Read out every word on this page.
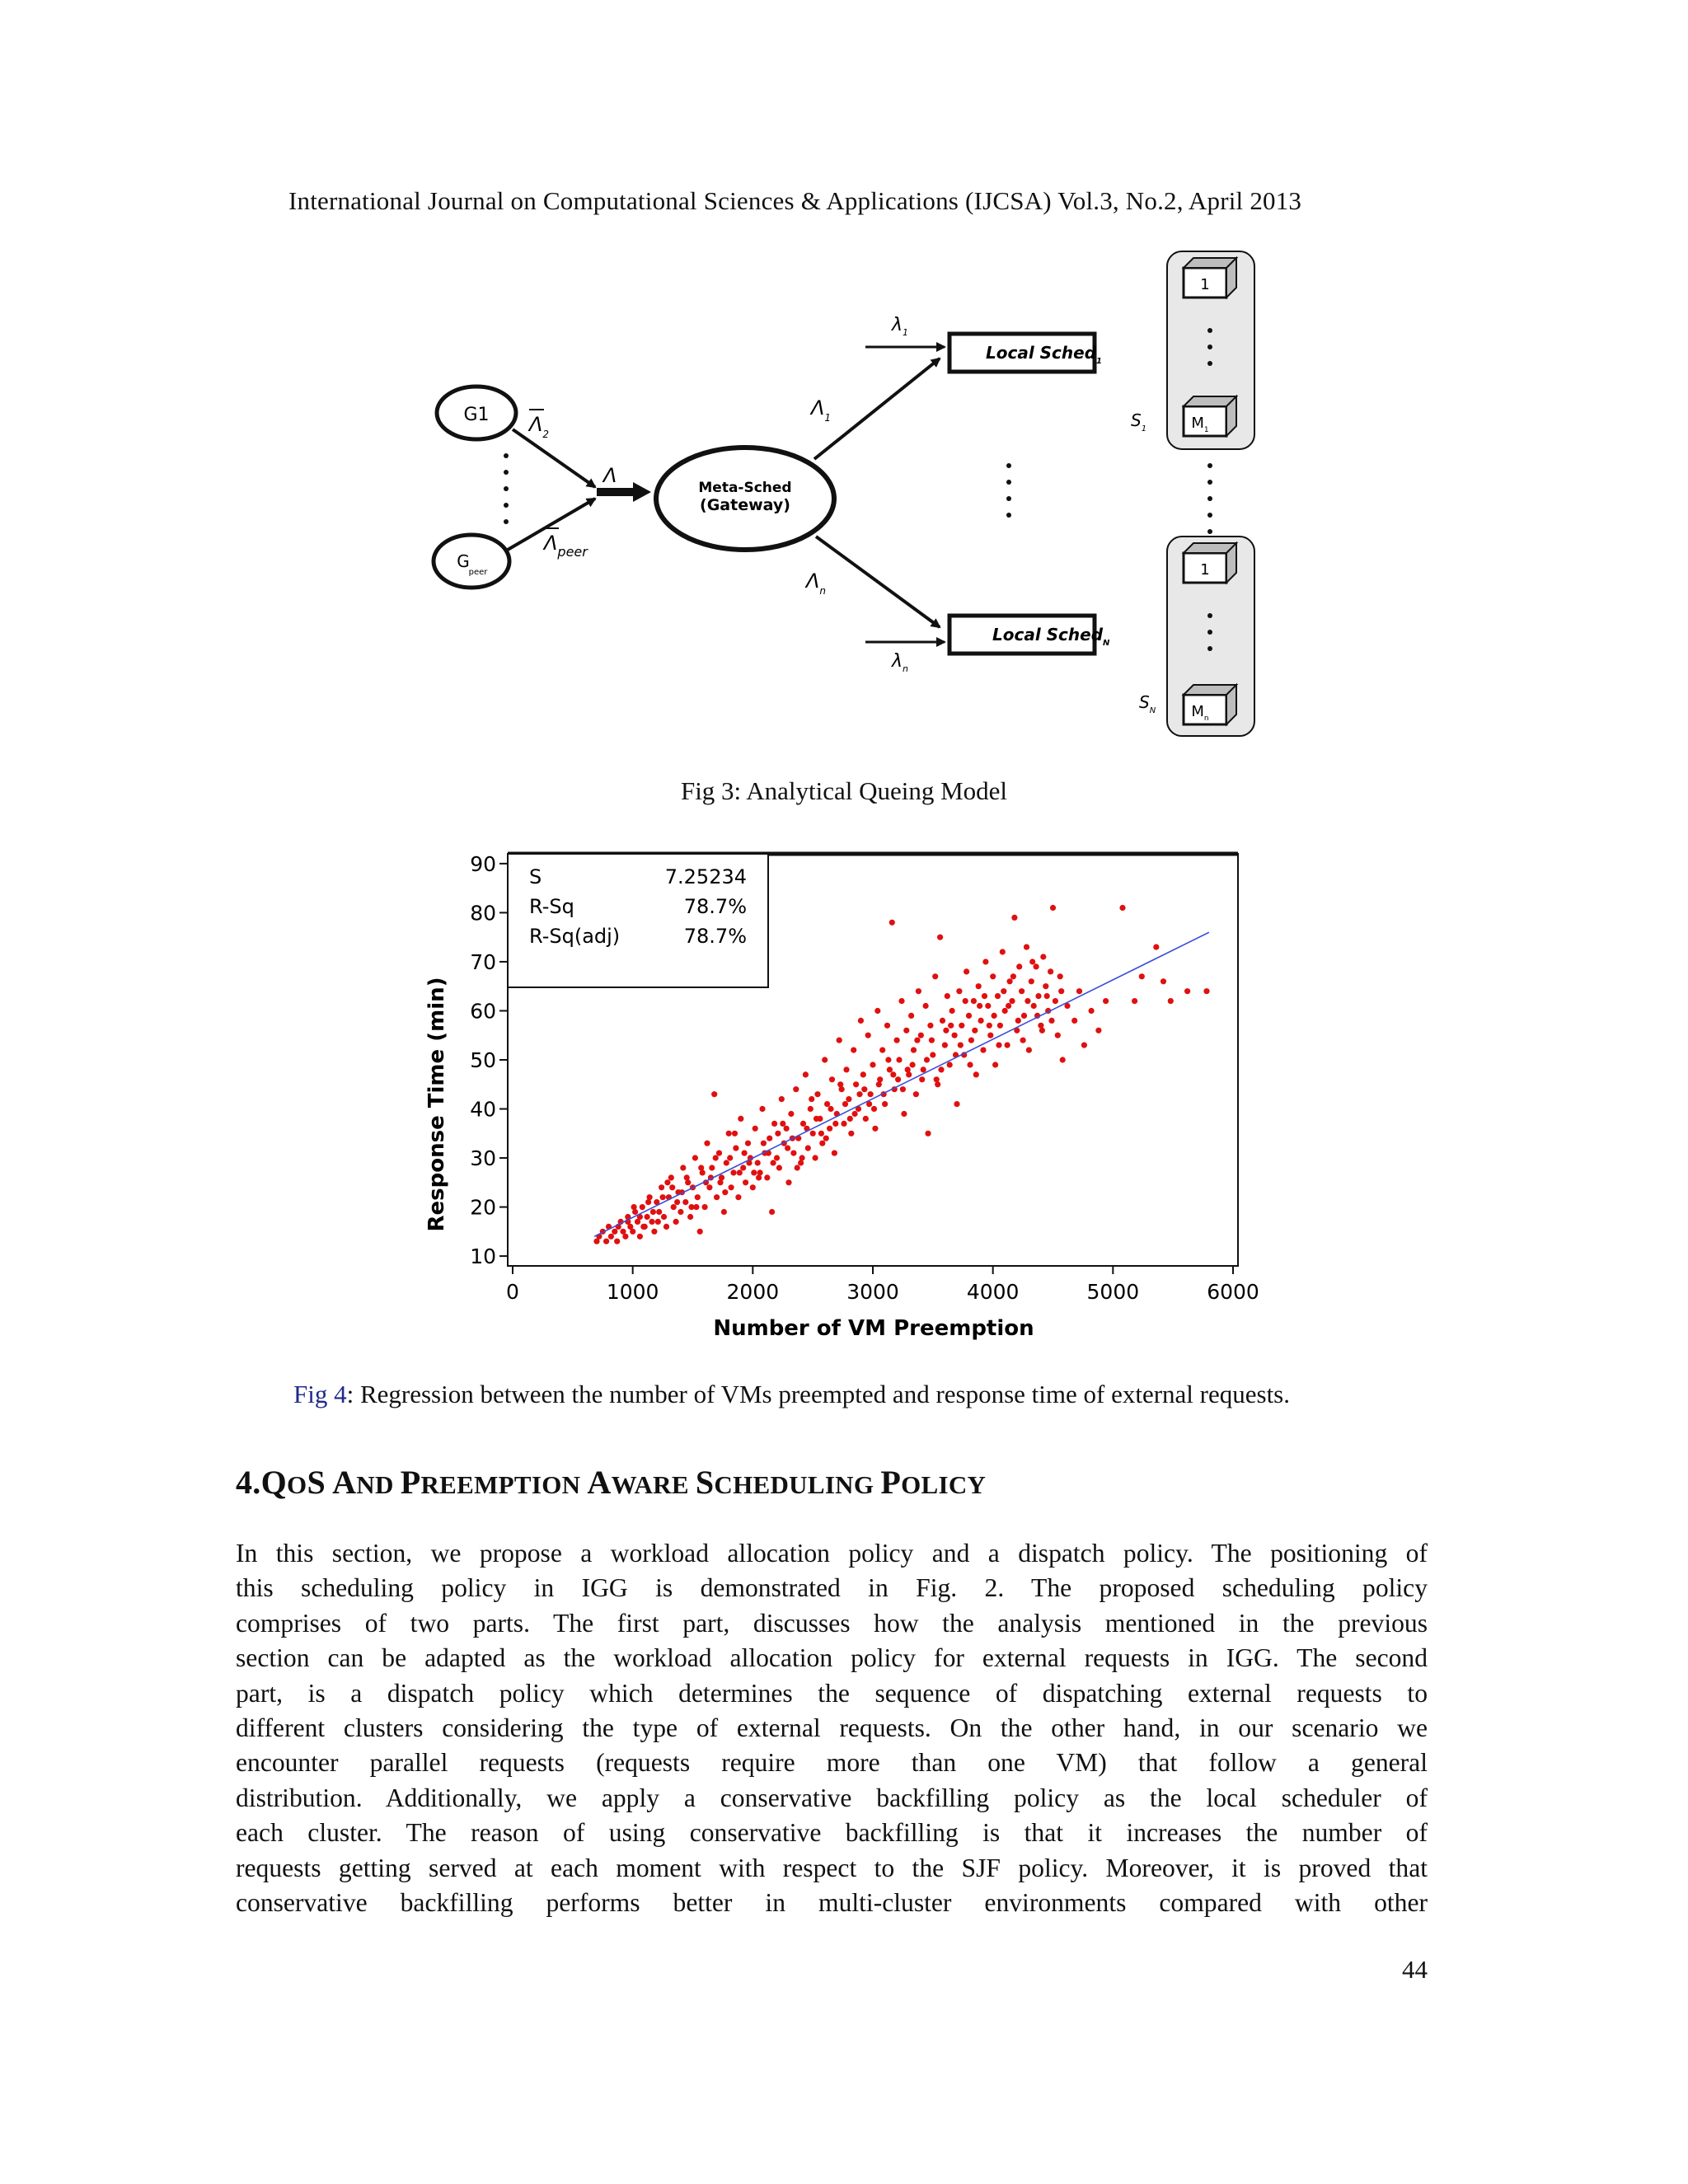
International Journal on Computational Sciences & Applications (IJCSA) Vol.3, No.2, April 2013
G1
G
peer
$\Lambda_2$
$\Lambda_{peer}$
Λ
Meta-Sched
(Gateway)
$\Lambda_1$
$\Lambda_n$
$\lambda_1$
$\lambda_n$
Local Sched$_1$
Local Sched$_N$
1
$M_1$
$S_1$
1
$M_n$
$S_N$
Fig 3: Analytical Queing Model
0	1000	2000	3000	4000	5000	6000
10
20
30
40
50
60
70
80
90
S	7.25234
R-Sq	78.7%
R-Sq(adj)	78.7%
Number of VM Preemption
Response Time (min)
Fig 4: Regression between the number of VMs preempted and response time of external requests.
4.QOS AND PREEMPTION AWARE SCHEDULING POLICY
In this section, we propose a workload allocation policy and a dispatch policy. The positioning of
this scheduling policy in IGG is demonstrated in Fig. 2. The proposed scheduling policy
comprises of two parts. The first part, discusses how the analysis mentioned in the previous
section can be adapted as the workload allocation policy for external requests in IGG. The second
part, is a dispatch policy which determines the sequence of dispatching external requests to
different clusters considering the type of external requests. On the other hand, in our scenario we
encounter parallel requests (requests require more than one VM) that follow a general
distribution. Additionally, we apply a conservative backfilling policy as the local scheduler of
each cluster. The reason of using conservative backfilling is that it increases the number of
requests getting served at each moment with respect to the SJF policy. Moreover, it is proved that
conservative backfilling performs better in multi-cluster environments compared with other
44
